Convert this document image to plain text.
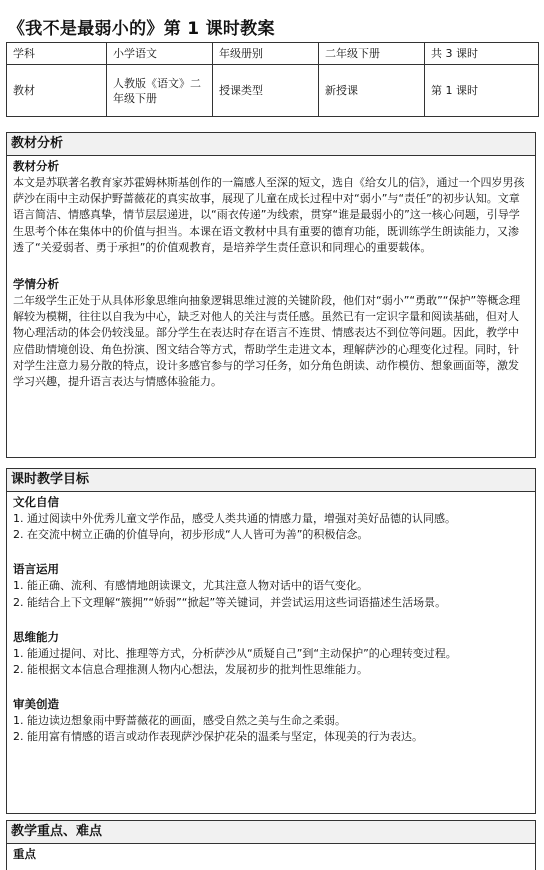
《我不是最弱小的》第 1 课时教案
学科	小学语文	年级册别	二年级下册	共 3 课时
教材	人教版《语文》二年级下册	授课类型	新授课	第 1 课时
教材分析

教材分析

本文是苏联著名教育家苏霍姆林斯基创作的一篇感人至深的短文，选自《给女儿的信》，通过一个四岁男孩萨沙在雨中主动保护野蔷薇花的真实故事，展现了儿童在成长过程中对“弱小”与“责任”的初步认知。文章语言简洁、情感真挚，情节层层递进，以“雨衣传递”为线索，贯穿“谁是最弱小的”这一核心问题，引导学生思考个体在集体中的价值与担当。本课在语文教材中具有重要的德育功能，既训练学生朗读能力，又渗透了“关爱弱者、勇于承担”的价值观教育，是培养学生责任意识和同理心的重要载体。

学情分析

二年级学生正处于从具体形象思维向抽象逻辑思维过渡的关键阶段，他们对“弱小”“勇敢”“保护”等概念理解较为模糊，往往以自我为中心，缺乏对他人的关注与责任感。虽然已有一定识字量和阅读基础，但对人物心理活动的体会仍较浅显。部分学生在表达时存在语言不连贯、情感表达不到位等问题。因此，教学中应借助情境创设、角色扮演、图文结合等方式，帮助学生走进文本，理解萨沙的心理变化过程。同时，针对学生注意力易分散的特点，设计多感官参与的学习任务，如分角色朗读、动作模仿、想象画面等，激发学习兴趣，提升语言表达与情感体验能力。

课时教学目标

文化自信

1. 通过阅读中外优秀儿童文学作品，感受人类共通的情感力量，增强对美好品德的认同感。

2. 在交流中树立正确的价值导向，初步形成“人人皆可为善”的积极信念。

语言运用

1. 能正确、流利、有感情地朗读课文，尤其注意人物对话中的语气变化。

2. 能结合上下文理解“簇拥”“娇弱”“掀起”等关键词，并尝试运用这些词语描述生活场景。

思维能力

1. 能通过提问、对比、推理等方式，分析萨沙从“质疑自己”到“主动保护”的心理转变过程。

2. 能根据文本信息合理推测人物内心想法，发展初步的批判性思维能力。

审美创造

1. 能边读边想象雨中野蔷薇花的画面，感受自然之美与生命之柔弱。

2. 能用富有情感的语言或动作表现萨沙保护花朵的温柔与坚定，体现美的行为表达。

教学重点、难点

重点
